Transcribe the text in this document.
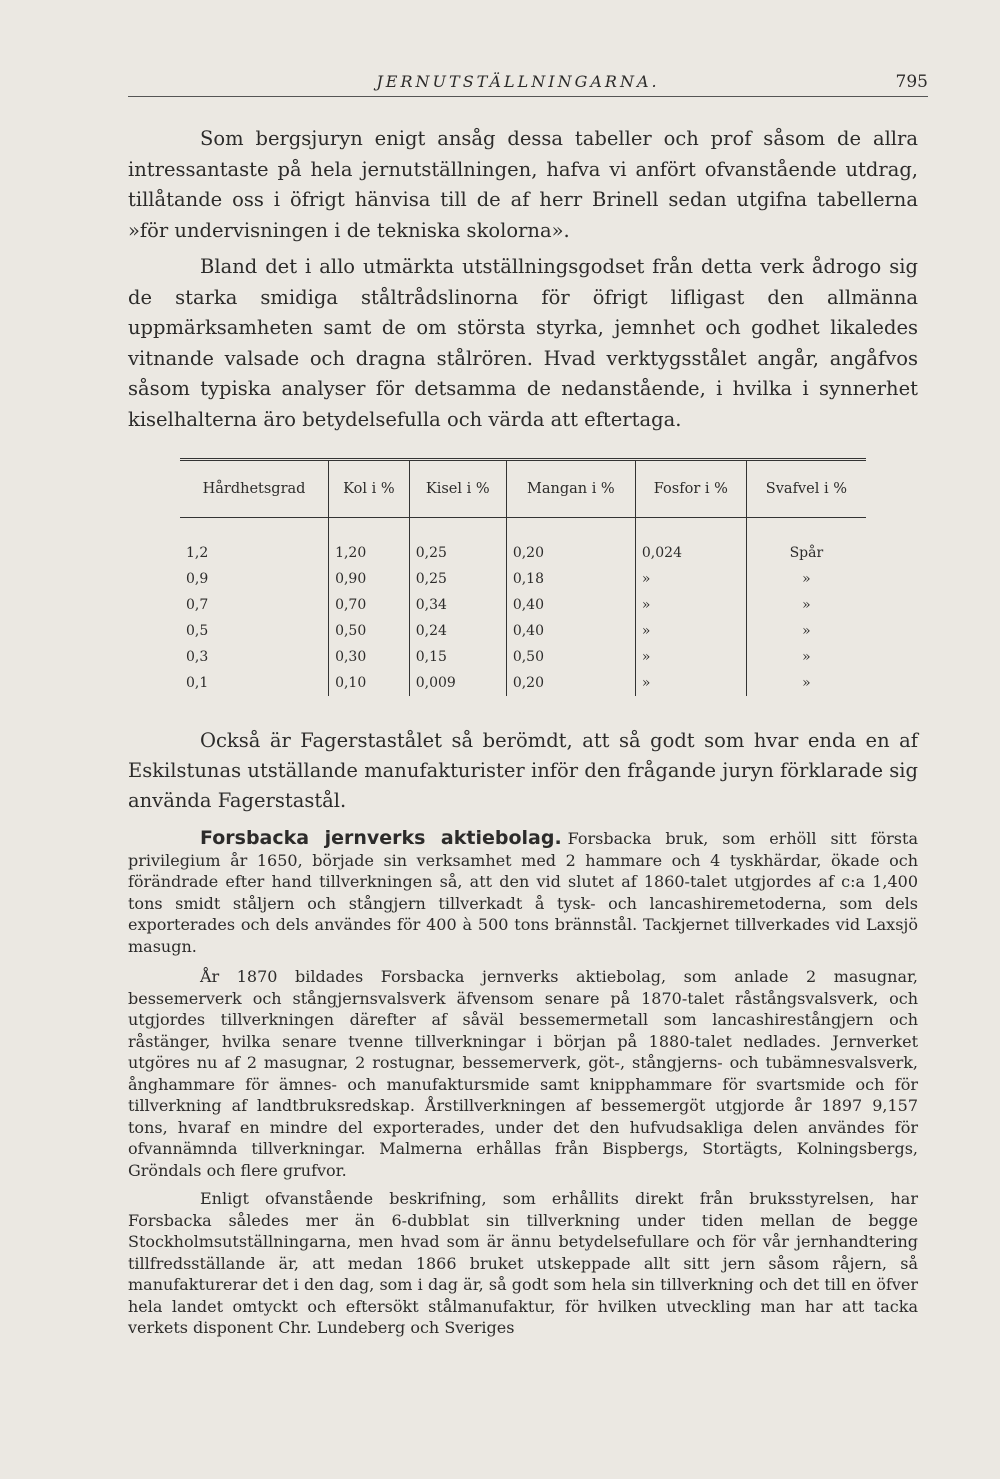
JERNUTSTÄLLNINGARNA.	795

Som bergsjuryn enigt ansåg dessa tabeller och prof såsom de allra intressantaste på hela jernutställningen, hafva vi anfört ofvanstående utdrag, tillåtande oss i öfrigt hänvisa till de af herr Brinell sedan utgifna tabellerna »för undervisningen i de tekniska skolorna».

Bland det i allo utmärkta utställningsgodset från detta verk ådrogo sig de starka smidiga ståltrådslinorna för öfrigt lifligast den allmänna uppmärksamheten samt de om största styrka, jemnhet och godhet likaledes vitnande valsade och dragna stålrören. Hvad verktygsstålet angår, angåfvos såsom typiska analyser för detsamma de nedanstående, i hvilka i synnerhet kiselhalterna äro betydelsefulla och värda att eftertaga.

Hårdhetsgrad	Kol i %	Kisel i %	Mangan i %	Fosfor i %	Svafvel i %
1,2	1,20	0,25	0,20	0,024	Spår
0,9	0,90	0,25	0,18	»	»
0,7	0,70	0,34	0,40	»	»
0,5	0,50	0,24	0,40	»	»
0,3	0,30	0,15	0,50	»	»
0,1	0,10	0,009	0,20	»	»

Också är Fagerstastålet så berömdt, att så godt som hvar enda en af Eskilstunas utställande manufakturister inför den frågande juryn förklarade sig använda Fagerstastål.

Forsbacka jernverks aktiebolag. Forsbacka bruk, som erhöll sitt första privilegium år 1650, började sin verksamhet med 2 hammare och 4 tyskhärdar, ökade och förändrade efter hand tillverkningen så, att den vid slutet af 1860-talet utgjordes af c:a 1,400 tons smidt ståljern och stångjern tillverkadt å tysk- och lancashiremetoderna, som dels exporterades och dels användes för 400 à 500 tons brännstål. Tackjernet tillverkades vid Laxsjö masugn.

År 1870 bildades Forsbacka jernverks aktiebolag, som anlade 2 masugnar, bessemerverk och stångjernsvalsverk äfvensom senare på 1870-talet råstångsvalsverk, och utgjordes tillverkningen därefter af såväl bessemermetall som lancashirestångjern och råstänger, hvilka senare tvenne tillverkningar i början på 1880-talet nedlades. Jernverket utgöres nu af 2 masugnar, 2 rostugnar, bessemerverk, göt-, stångjerns- och tubämnesvalsverk, ånghammare för ämnes- och manufaktursmide samt knipphammare för svartsmide och för tillverkning af landtbruksredskap. Årstillverkningen af bessemergöt utgjorde år 1897 9,157 tons, hvaraf en mindre del exporterades, under det den hufvudsakliga delen användes för ofvannämnda tillverkningar. Malmerna erhållas från Bispbergs, Stortägts, Kolningsbergs, Gröndals och flere grufvor.

Enligt ofvanstående beskrifning, som erhållits direkt från bruksstyrelsen, har Forsbacka således mer än 6-dubblat sin tillverkning under tiden mellan de begge Stockholmsutställningarna, men hvad som är ännu betydelsefullare och för vår jernhandtering tillfredsställande är, att medan 1866 bruket utskeppade allt sitt jern såsom råjern, så manufakturerar det i den dag, som i dag är, så godt som hela sin tillverkning och det till en öfver hela landet omtyckt och eftersökt stålmanufaktur, för hvilken utveckling man har att tacka verkets disponent Chr. Lundeberg och Sveriges
